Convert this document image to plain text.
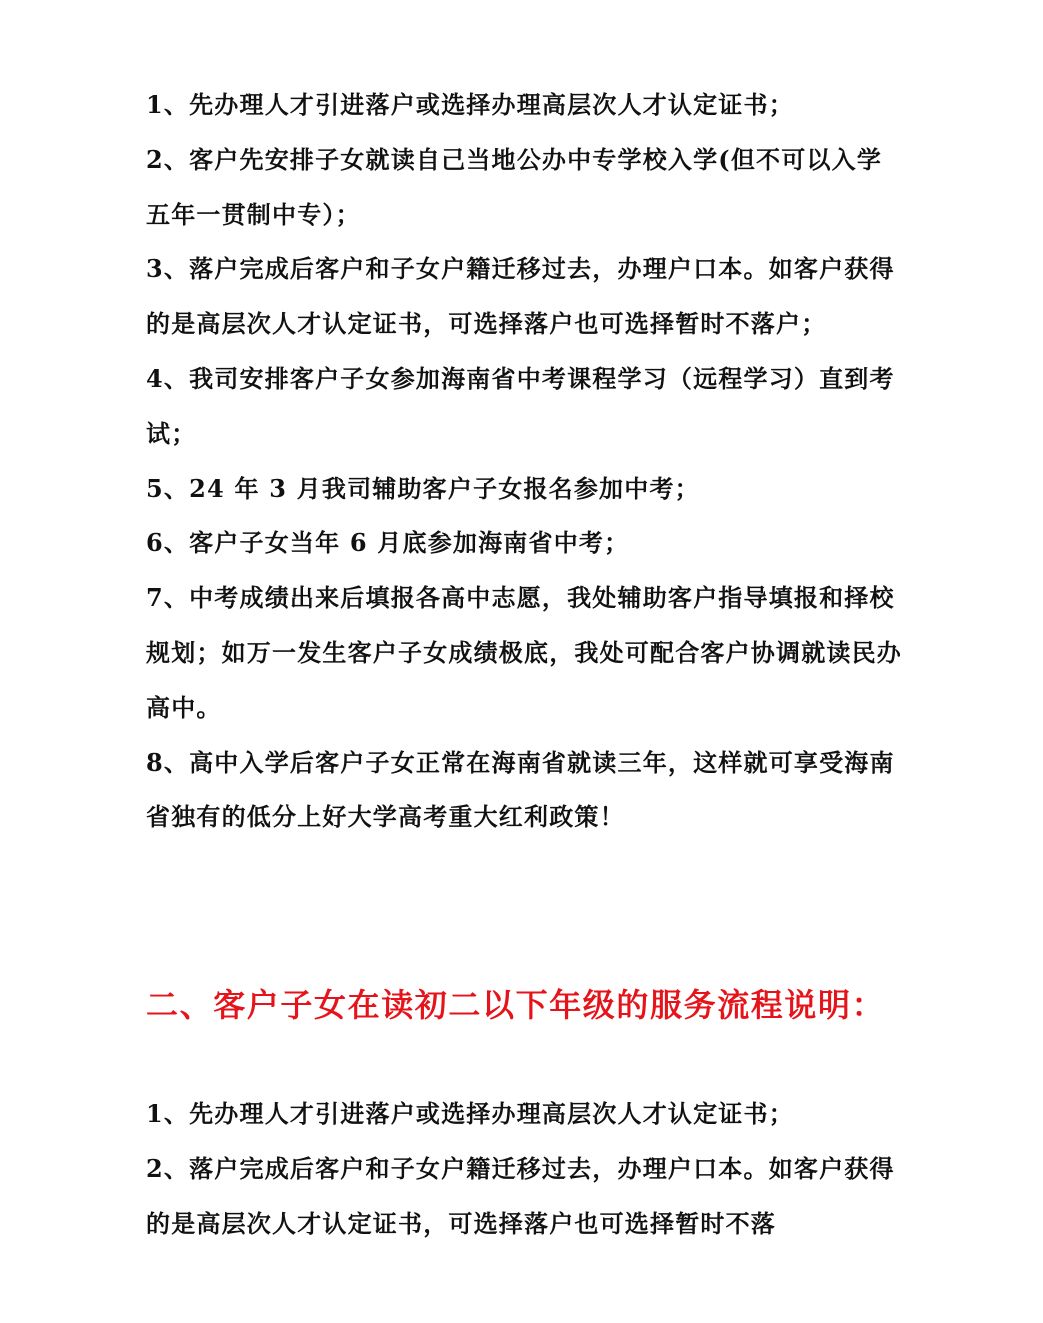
1、先办理人才引进落户或选择办理高层次人才认定证书；

2、客户先安排子女就读自己当地公办中专学校入学(但不可以入学五年一贯制中专）；

3、落户完成后客户和子女户籍迁移过去，办理户口本。如客户获得的是高层次人才认定证书，可选择落户也可选择暂时不落户；

4、我司安排客户子女参加海南省中考课程学习（远程学习）直到考试；

5、24 年 3 月我司辅助客户子女报名参加中考；

6、客户子女当年 6 月底参加海南省中考；

7、中考成绩出来后填报各高中志愿，我处辅助客户指导填报和择校规划；如万一发生客户子女成绩极底，我处可配合客户协调就读民办高中。

8、高中入学后客户子女正常在海南省就读三年，这样就可享受海南省独有的低分上好大学高考重大红利政策！

二、客户子女在读初二以下年级的服务流程说明：

1、先办理人才引进落户或选择办理高层次人才认定证书；

2、落户完成后客户和子女户籍迁移过去，办理户口本。如客户获得的是高层次人才认定证书，可选择落户也可选择暂时不落
